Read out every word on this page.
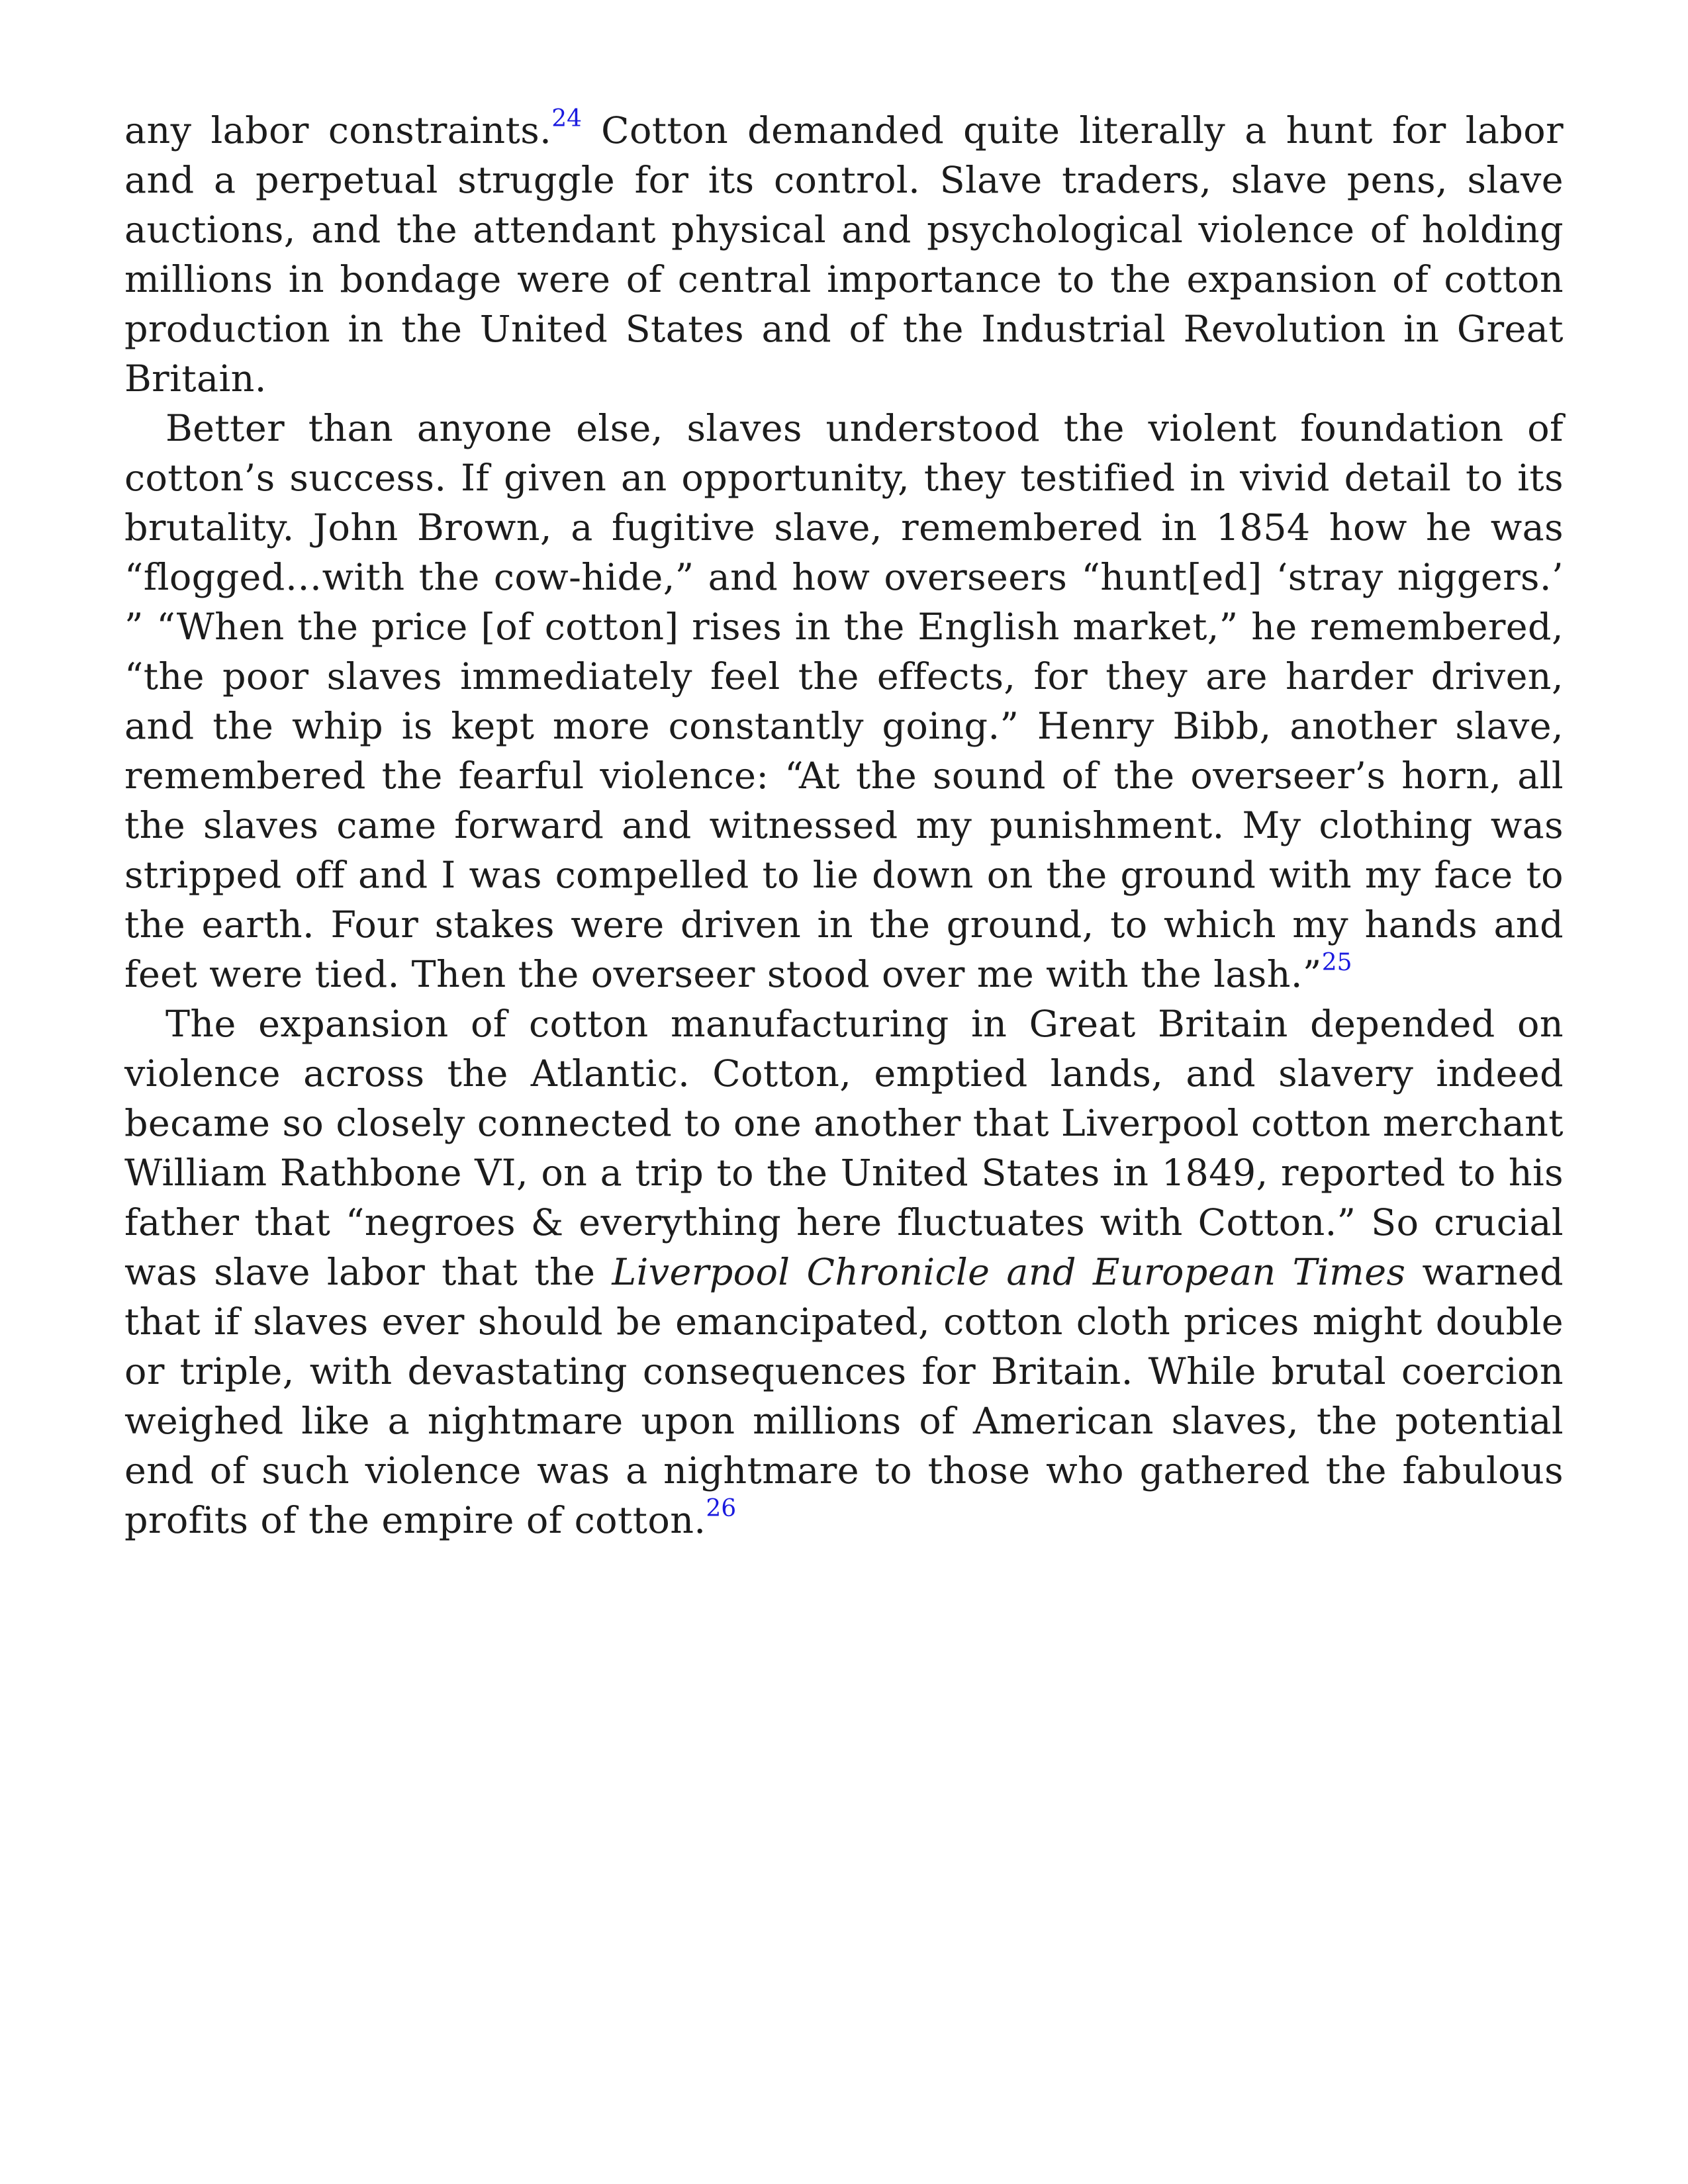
any labor constraints.$^{24}$ Cotton demanded quite literally a hunt for labor and a perpetual struggle for its control. Slave traders, slave pens, slave auctions, and the attendant physical and psychological violence of holding millions in bondage were of central importance to the expansion of cotton production in the United States and of the Industrial Revolution in Great Britain.

Better than anyone else, slaves understood the violent foundation of cotton’s success. If given an opportunity, they testified in vivid detail to its brutality. John Brown, a fugitive slave, remembered in 1854 how he was “flogged…with the cow-hide,” and how overseers “hunt[ed] ‘stray niggers.’ ” “When the price [of cotton] rises in the English market,” he remembered, “the poor slaves immediately feel the effects, for they are harder driven, and the whip is kept more constantly going.” Henry Bibb, another slave, remembered the fearful violence: “At the sound of the overseer’s horn, all the slaves came forward and witnessed my punishment. My clothing was stripped off and I was compelled to lie down on the ground with my face to the earth. Four stakes were driven in the ground, to which my hands and feet were tied. Then the overseer stood over me with the lash.”$^{25}$

The expansion of cotton manufacturing in Great Britain depended on violence across the Atlantic. Cotton, emptied lands, and slavery indeed became so closely connected to one another that Liverpool cotton merchant William Rathbone VI, on a trip to the United States in 1849, reported to his father that “negroes & everything here fluctuates with Cotton.” So crucial was slave labor that the Liverpool Chronicle and European Times warned that if slaves ever should be emancipated, cotton cloth prices might double or triple, with devastating consequences for Britain. While brutal coercion weighed like a nightmare upon millions of American slaves, the potential end of such violence was a nightmare to those who gathered the fabulous profits of the empire of cotton.$^{26}$
